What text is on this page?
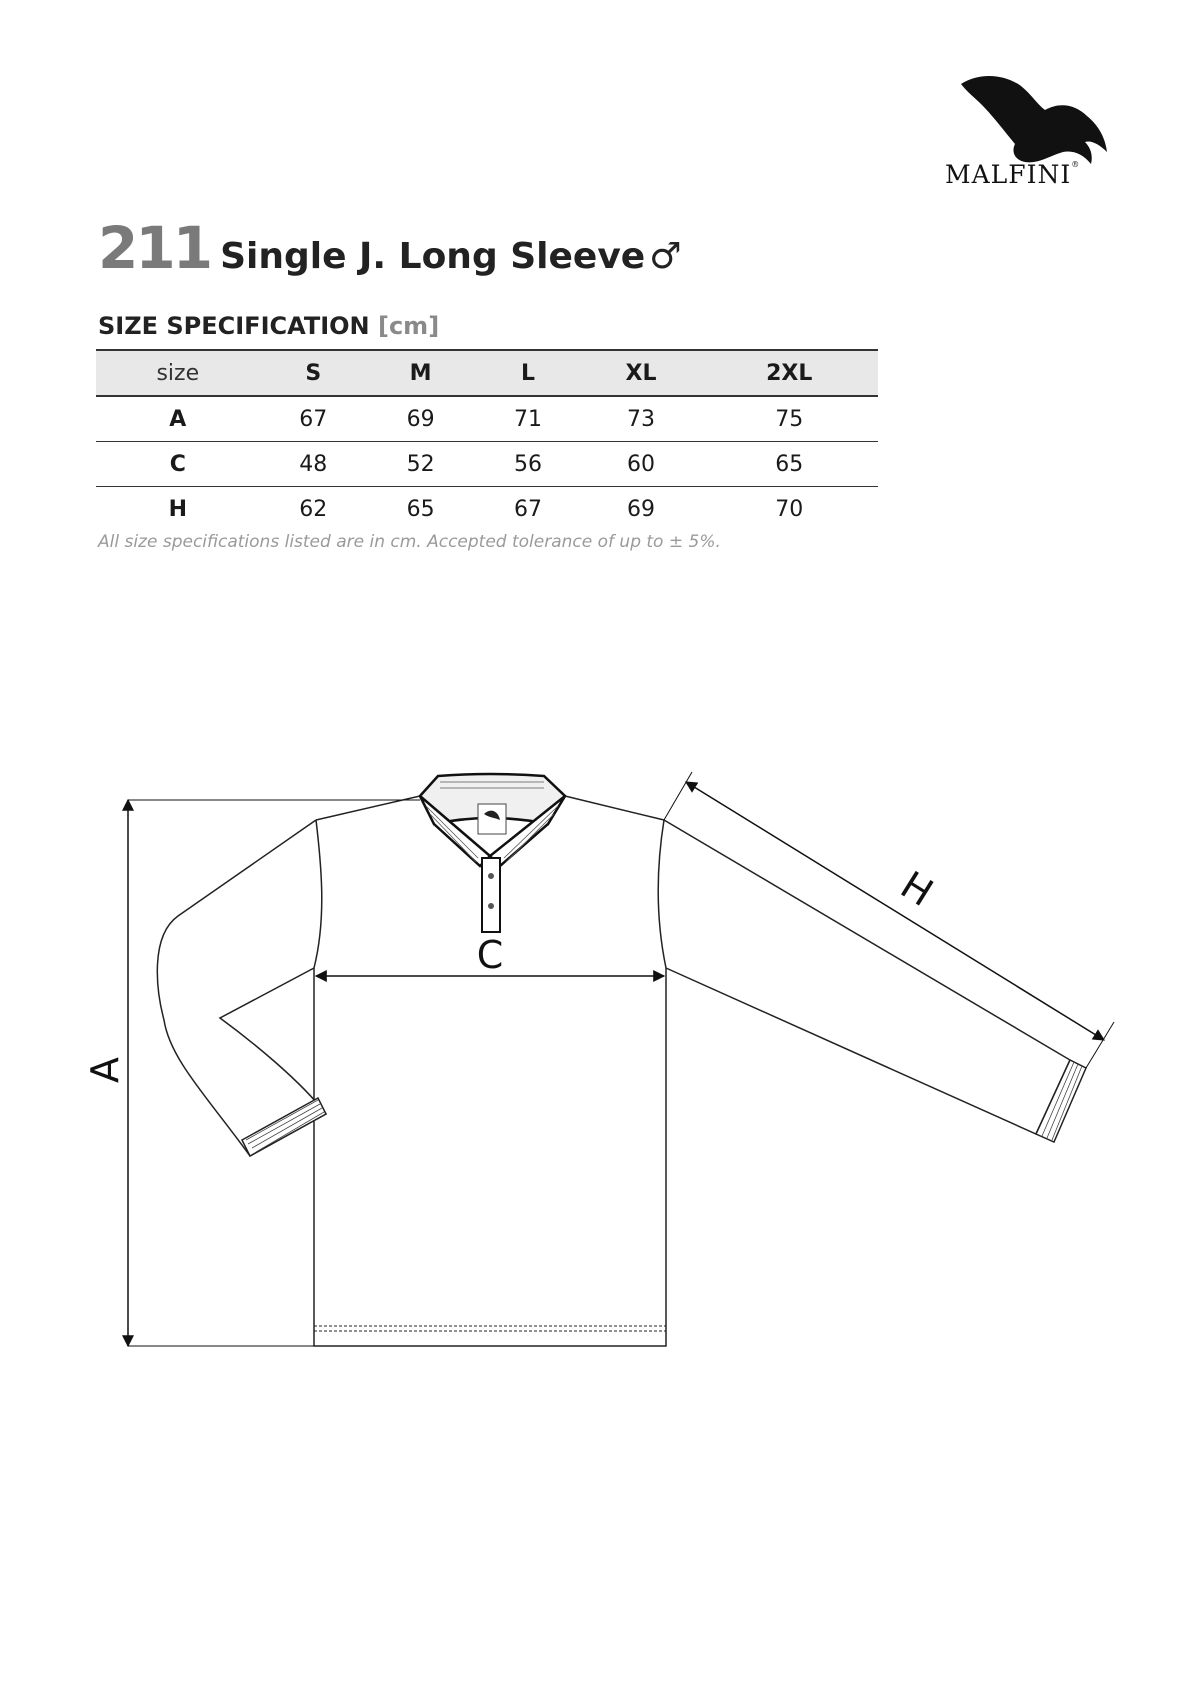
MALFINI®
211 Single J. Long Sleeve ♂
SIZE SPECIFICATION [cm]
size	S	M	L	XL	2XL
A	67	69	71	73	75
C	48	52	56	60	65
H	62	65	67	69	70
All size specifications listed are in cm. Accepted tolerance of up to ± 5%.
A
C
H
